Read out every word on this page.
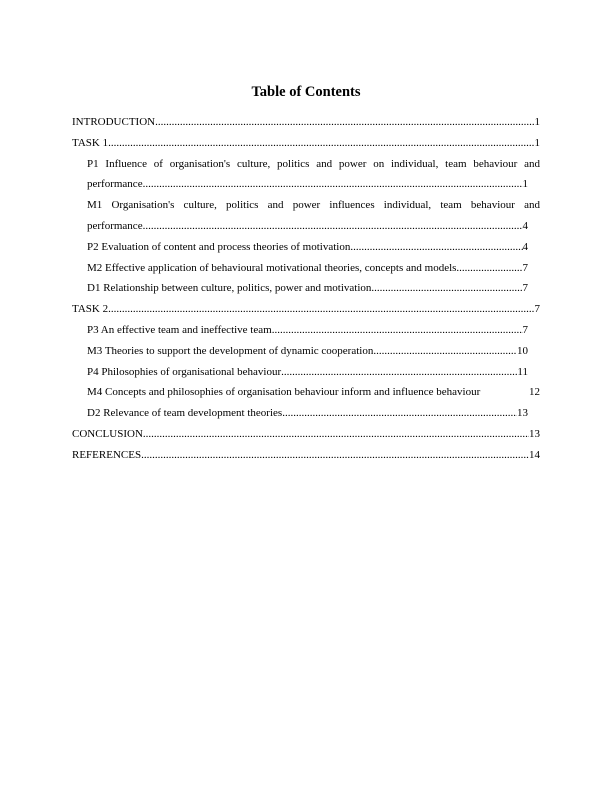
Table of Contents
INTRODUCTION .....	1
TASK 1 .....	1
P1 Influence of organisation's culture, politics and power on individual, team behaviour and
performance .....	1
M1 Organisation's culture, politics and power influences individual, team behaviour and
performance .....	4
P2 Evaluation of content and process theories of motivation .....	4
M2 Effective application of behavioural motivational theories, concepts and models .....	7
D1 Relationship between culture, politics, power and motivation .....	7
TASK 2 .....	7
P3 An effective team and ineffective team .....	7
M3 Theories to support the development of dynamic cooperation .....	10
P4 Philosophies of organisational behaviour .....	11
M4 Concepts and philosophies of organisation behaviour inform and influence behaviour	12
D2 Relevance of team development theories .....	13
CONCLUSION .....	13
REFERENCES .....	14
